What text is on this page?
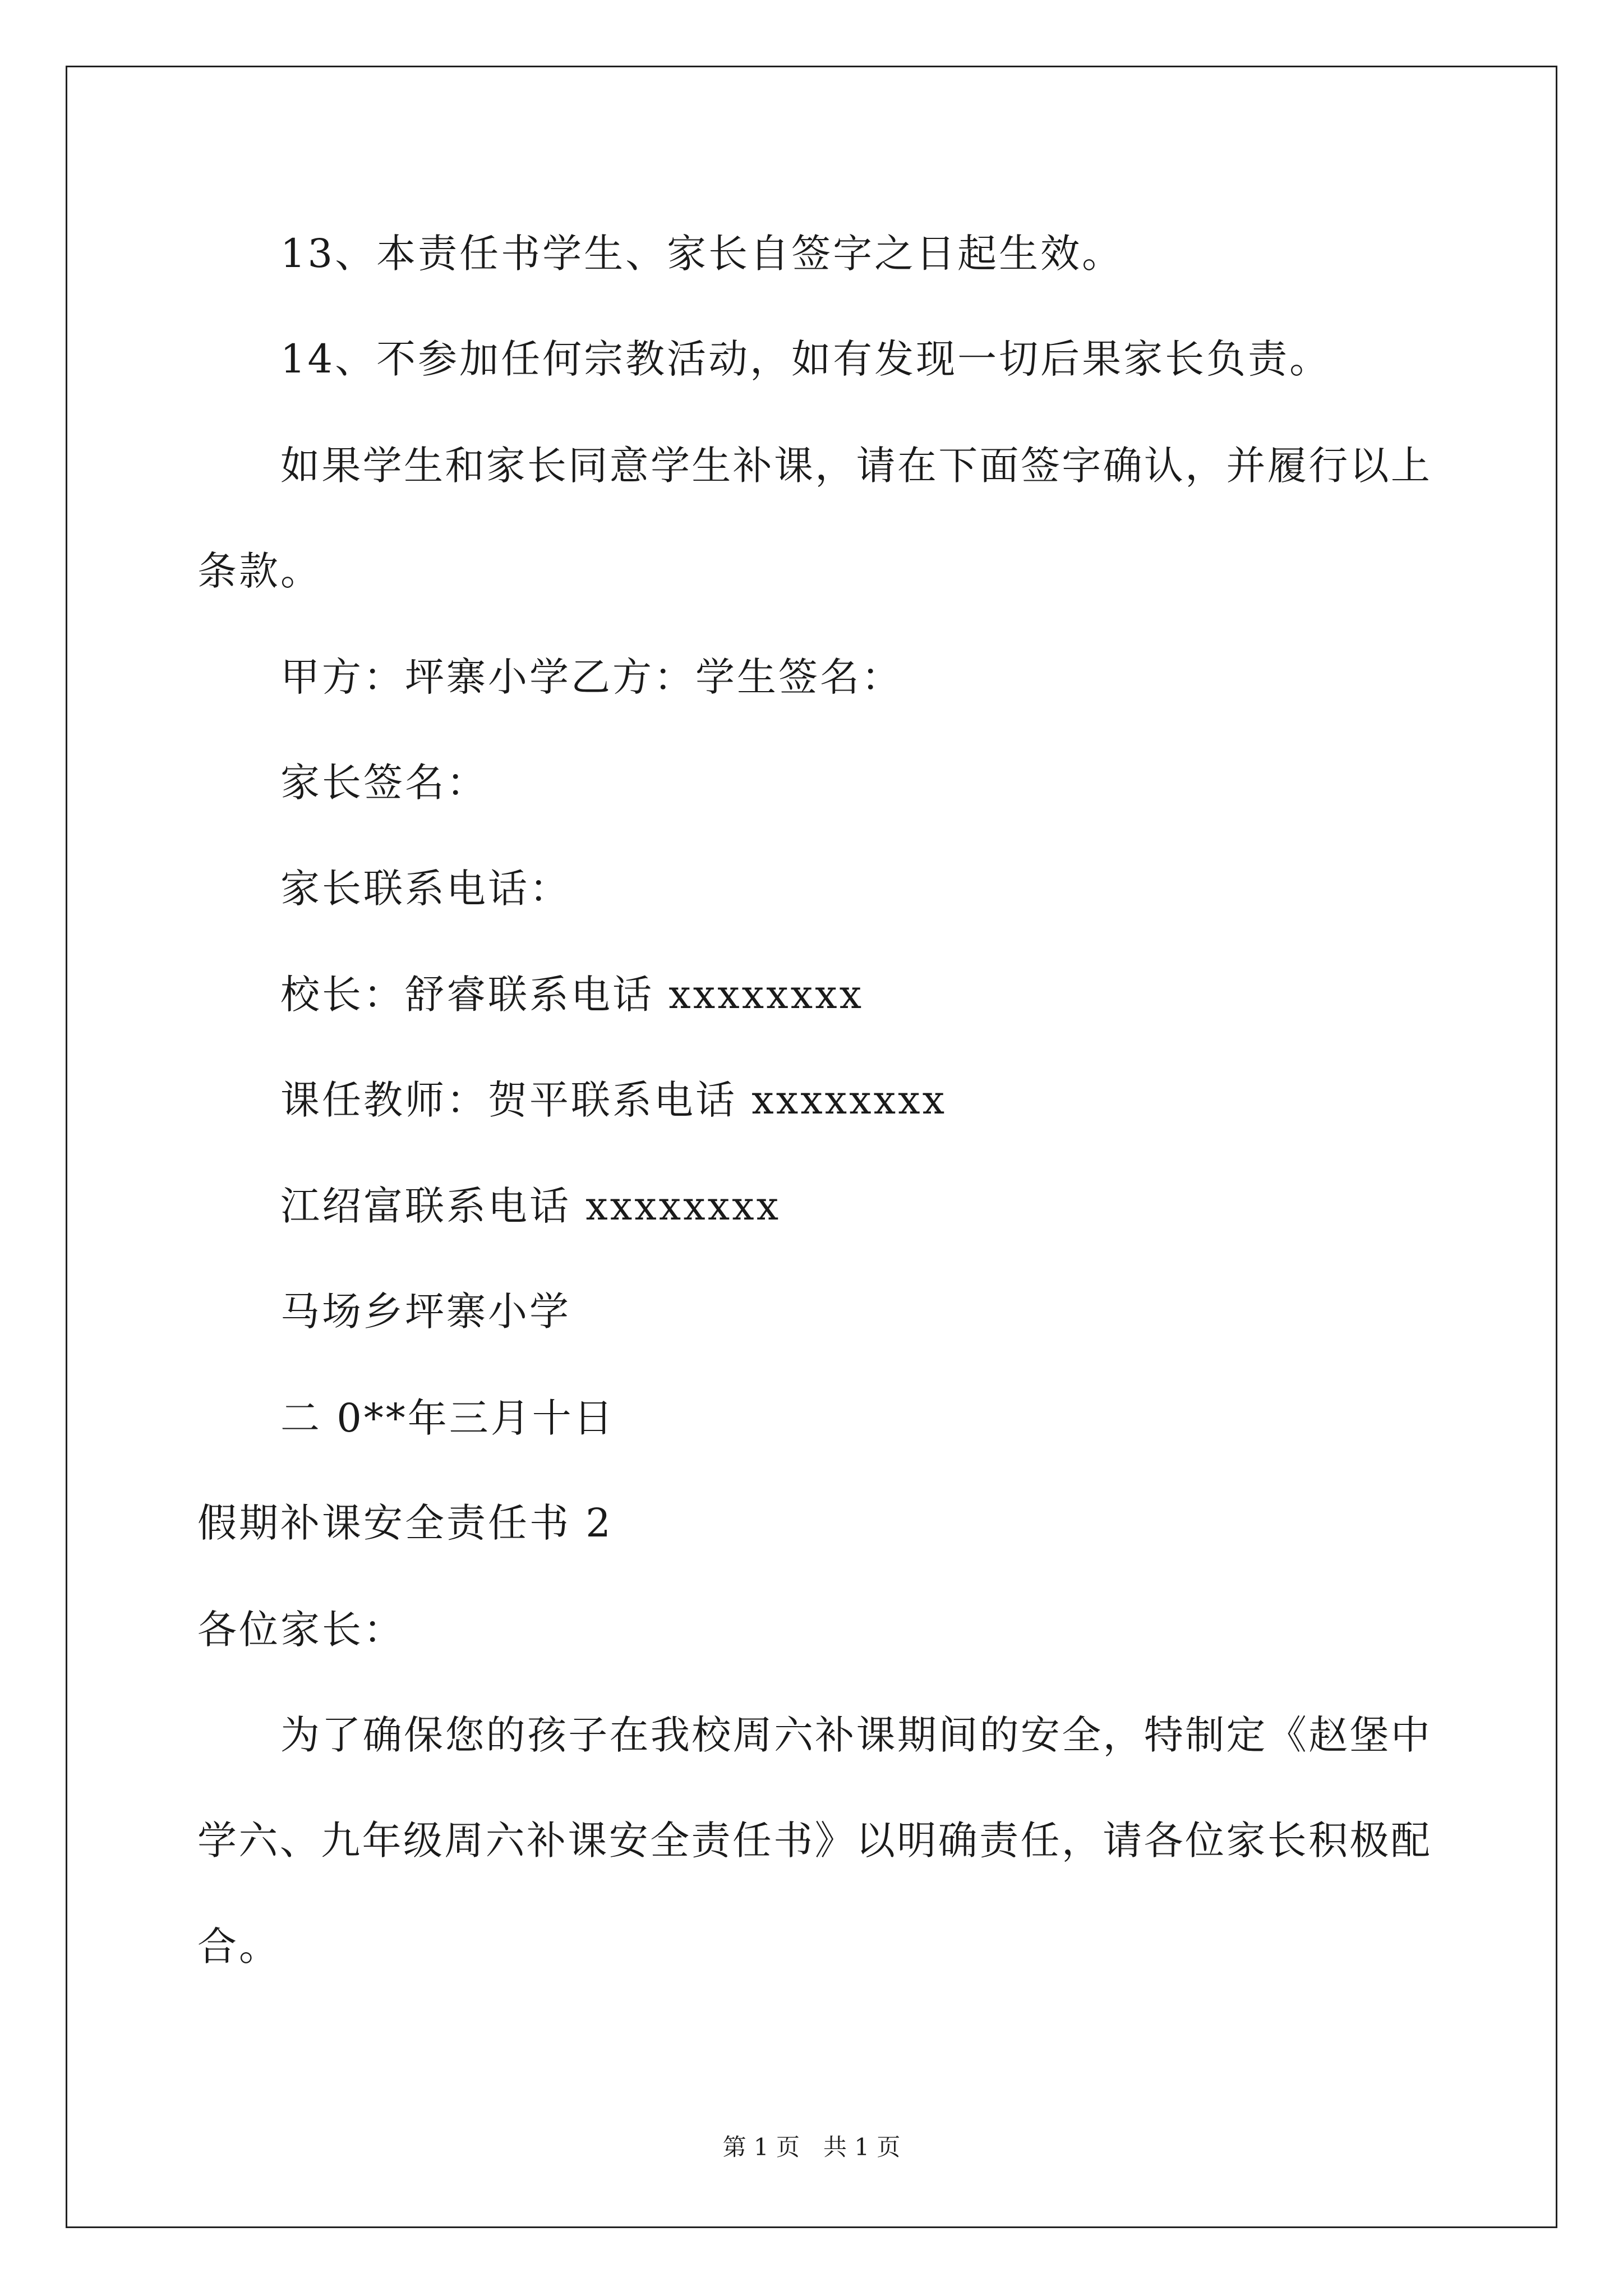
13、本责任书学生、家长自签字之日起生效。
14、不参加任何宗教活动，如有发现一切后果家长负责。
如 果 学 生 和 家 长 同 意 学 生 补 课 ， 请 在 下 面 签 字 确 认 ， 并 履 行 以 上
条款。
甲方：坪寨小学乙方：学生签名：
家长签名：
家长联系电话：
校长：舒睿联系电话 xxxxxxxx
课任教师：贺平联系电话 xxxxxxxx
江绍富联系电话 xxxxxxxx
马场乡坪寨小学
二 0**年三月十日
假期补课安全责任书 2
各位家长：
为 了 确 保 您 的 孩 子 在 我 校 周 六 补 课 期 间 的 安 全 ， 特 制 定 《 赵 堡 中
学 六 、 九 年 级 周 六 补 课 安 全 责 任 书 》 以 明 确 责 任 ， 请 各 位 家 长 积 极 配
合。
第 1 页　共 1 页
